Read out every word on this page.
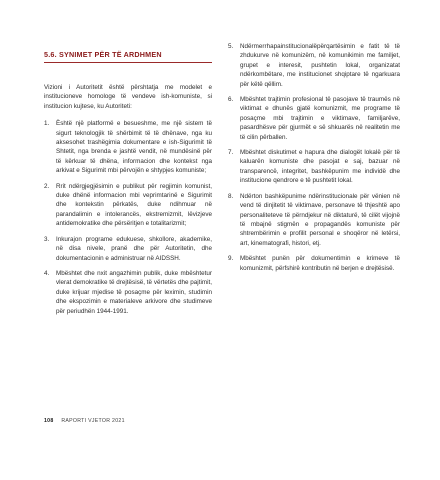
5.6. SYNIMET PËR TË ARDHMEN

Vizioni i Autoritetit është përshtatja me modelet e institucioneve homologe të vendeve ish-komuniste, si institucion kujtese, ku Autoriteti:

1.	Është një platformë e besueshme, me një sistem të sigurt teknologjik të shërbimit të të dhënave, nga ku aksesohet trashëgimia dokumentare e ish-Sigurimit të Shtetit, nga brenda e jashtë vendit, në mundësinë për të kërkuar të dhëna, informacion dhe kontekst nga arkivat e Sigurimit mbi përvojën e shtypjes komuniste;
2.	Rrit ndërgjegjësimin e publikut për regjimin komunist, duke dhënë informacion mbi veprimtarinë e Sigurimit dhe kontekstin përkatës, duke ndihmuar në parandalimin e intolerancës, ekstremizmit, lëvizjeve antidemokratike dhe përsëritjen e totalitarizmit;
3.	Inkurajon programe edukuese, shkollore, akademike, në disa nivele, pranë dhe për Autoritetin, dhe dokumentacionin e administruar në AIDSSH.
4.	Mbështet dhe nxit angazhimin publik, duke mbështetur vlerat demokratike të drejtësisë, të vërtetës dhe pajtimit, duke krijuar mjedise të posaçme për leximin, studimin dhe ekspozimin e materialeve arkivore dhe studimeve për periudhën 1944-1991.
5.	Ndërmerrhapainstitucionalëpërqartësimin e fatit të të zhdukurve në komunizëm, në komunikimin me familjet, grupet e interesit, pushtetin lokal, organizatat ndërkombëtare, me institucionet shqiptare të ngarkuara për këtë qëllim.
6.	Mbështet trajtimin profesional të pasojave të traumës në viktimat e dhunës gjatë komunizmit, me programe të posaçme mbi trajtimin e viktimave, familjarëve, pasardhësve për gjurmët e së shkuarës në realitetin me të cilin përballen.
7.	Mbështet diskutimet e hapura dhe dialogët lokalë për të kaluarën komuniste dhe pasojat e saj, bazuar në transparencë, integritet, bashkëpunim me individë dhe institucione qendrore e të pushtetit lokal.
8.	Ndërton bashkëpunime ndërinstitucionale për vënien në vend të dinjitetit të viktimave, personave të thjeshtë apo personaliteteve të përndjekur në diktaturë, të cilët vijojnë të mbajnë stigmën e propagandës komuniste për shtrembërimin e profilit personal e shoqëror në letërsi, art, kinematografi, histori, etj.
9.	Mbështet punën për dokumentimin e krimeve të komunizmit, përfshirë kontributin në berjen e drejtësisë.
108 RAPORTI VJETOR 2021
